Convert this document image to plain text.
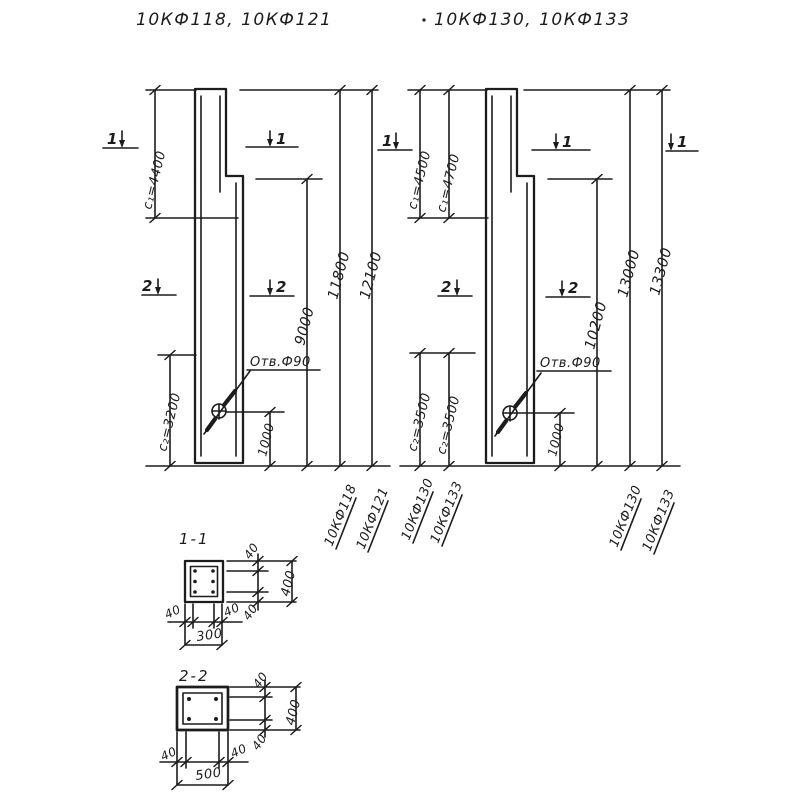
10КФ118, 10КФ121
Отв.Ф90
c₁=4400
c₂=3200
9000
11800 12100
1000
10КФ118
10КФ121
1	1
2	2
10КФ130, 10КФ133
Отв.Ф90
c₁=4500 c₁=4700
c₂=3500 c₂=3500
10200
13000 13300
1000
10КФ130
10КФ133	10КФ130
10КФ133
1	1	1
2	2
1-1
40
400
40
40	40
300
2-2	40
400
40
40	40
500
